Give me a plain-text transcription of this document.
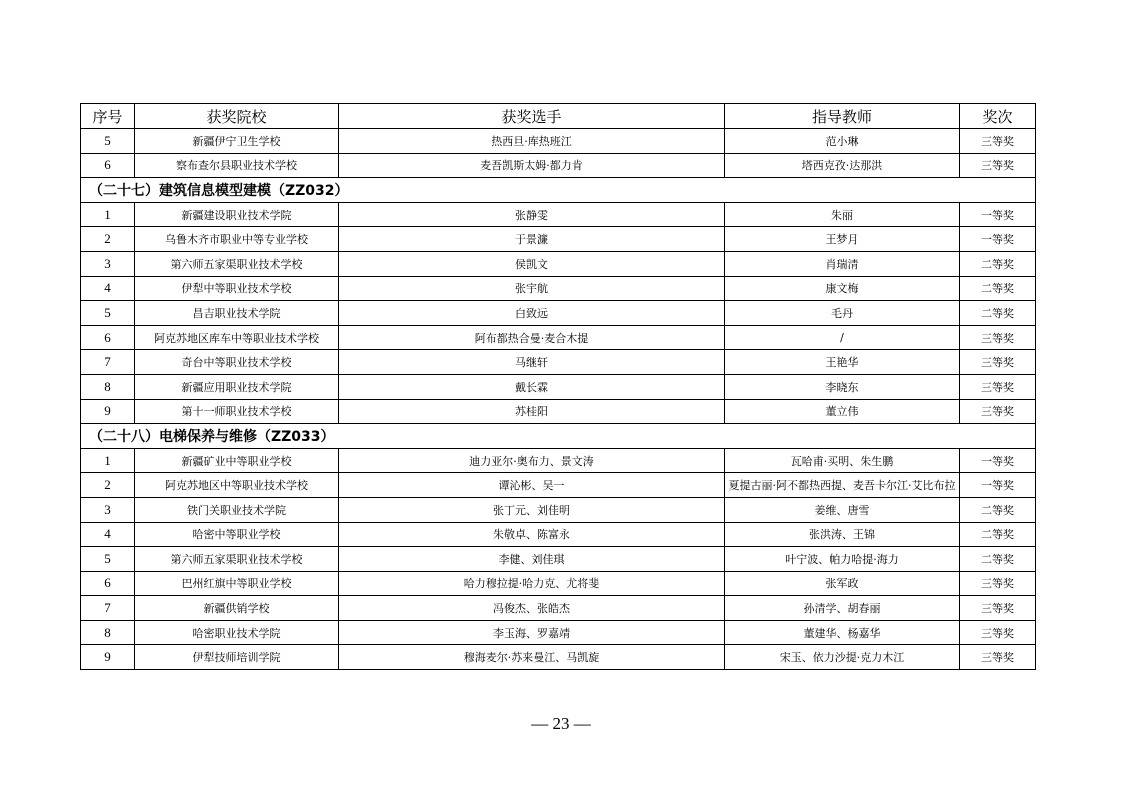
序号	获奖院校	获奖选手	指导教师	奖次
5	新疆伊宁卫生学校	热西旦·库热班江	范小琳	三等奖
6	察布查尔县职业技术学校	麦吾凯斯太姆·都力肯	塔西克孜·达那洪	三等奖
（二十七）建筑信息模型建模（ZZ032）				
1	新疆建设职业技术学院	张静雯	朱丽	一等奖
2	乌鲁木齐市职业中等专业学校	于景濂	王梦月	一等奖
3	第六师五家渠职业技术学校	侯凯文	肖瑞清	二等奖
4	伊犁中等职业技术学校	张宇航	康文梅	二等奖
5	昌吉职业技术学院	白致远	毛丹	二等奖
6	阿克苏地区库车中等职业技术学校	阿布都热合曼·麦合木提	/	三等奖
7	奇台中等职业技术学校	马继轩	王艳华	三等奖
8	新疆应用职业技术学院	戴长霖	李晓东	三等奖
9	第十一师职业技术学校	苏桂阳	董立伟	三等奖
（二十八）电梯保养与维修（ZZ033）				
1	新疆矿业中等职业学校	迪力亚尔·奥布力、景文涛	瓦哈甫·买明、朱生鹏	一等奖
2	阿克苏地区中等职业技术学校	谭沁彬、吴一	夏提古丽·阿不都热西提、麦吾卡尔江·艾比布拉	一等奖
3	铁门关职业技术学院	张丁元、刘佳明	姜维、唐雪	二等奖
4	哈密中等职业学校	朱敬卓、陈富永	张洪涛、王锦	二等奖
5	第六师五家渠职业技术学校	李健、刘佳琪	叶宁波、帕力哈提·海力	二等奖
6	巴州红旗中等职业学校	哈力穆拉提·哈力克、尤将斐	张军政	三等奖
7	新疆供销学校	冯俊杰、张皓杰	孙清学、胡春丽	三等奖
8	哈密职业技术学院	李玉海、罗嘉靖	董建华、杨嘉华	三等奖
9	伊犁技师培训学院	穆海麦尔·苏来曼江、马凯旋	宋玉、依力沙提·克力木江	三等奖
— 23 —
